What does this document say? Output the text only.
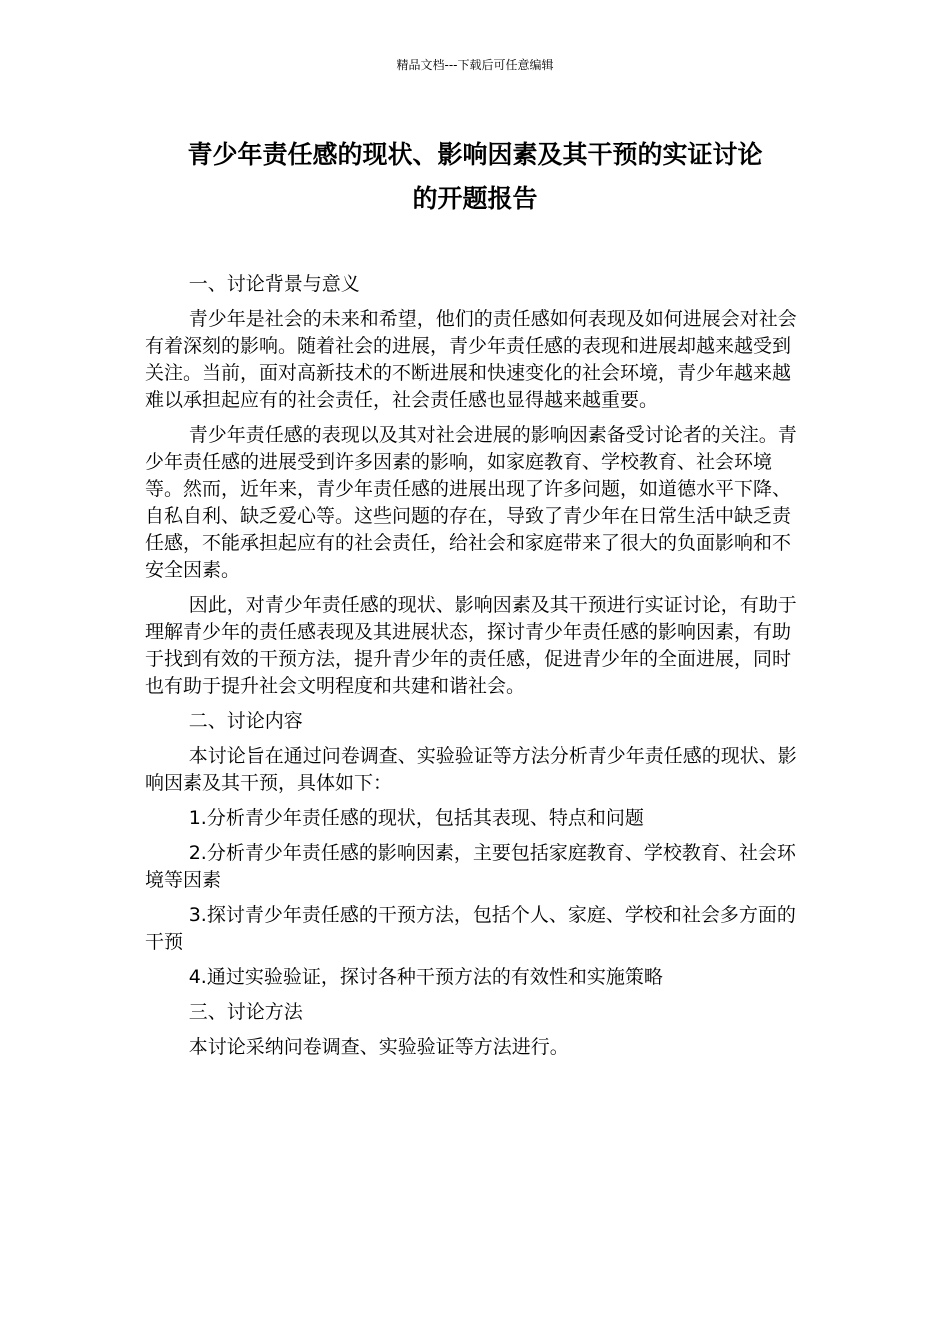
精品文档---下载后可任意编辑
青少年责任感的现状、影响因素及其干预的实证讨论
的开题报告

一、讨论背景与意义

青少年是社会的未来和希望，他们的责任感如何表现及如何进展会对社会有着深刻的影响。随着社会的进展，青少年责任感的表现和进展却越来越受到关注。当前，面对高新技术的不断进展和快速变化的社会环境，青少年越来越难以承担起应有的社会责任，社会责任感也显得越来越重要。

青少年责任感的表现以及其对社会进展的影响因素备受讨论者的关注。青少年责任感的进展受到许多因素的影响，如家庭教育、学校教育、社会环境等。然而，近年来，青少年责任感的进展出现了许多问题，如道德水平下降、自私自利、缺乏爱心等。这些问题的存在，导致了青少年在日常生活中缺乏责任感，不能承担起应有的社会责任，给社会和家庭带来了很大的负面影响和不安全因素。

因此，对青少年责任感的现状、影响因素及其干预进行实证讨论，有助于理解青少年的责任感表现及其进展状态，探讨青少年责任感的影响因素，有助于找到有效的干预方法，提升青少年的责任感，促进青少年的全面进展，同时也有助于提升社会文明程度和共建和谐社会。

二、讨论内容

本讨论旨在通过问卷调查、实验验证等方法分析青少年责任感的现状、影响因素及其干预，具体如下：

1.分析青少年责任感的现状，包括其表现、特点和问题

2.分析青少年责任感的影响因素，主要包括家庭教育、学校教育、社会环境等因素

3.探讨青少年责任感的干预方法，包括个人、家庭、学校和社会多方面的干预

4.通过实验验证，探讨各种干预方法的有效性和实施策略

三、讨论方法

本讨论采纳问卷调查、实验验证等方法进行。
